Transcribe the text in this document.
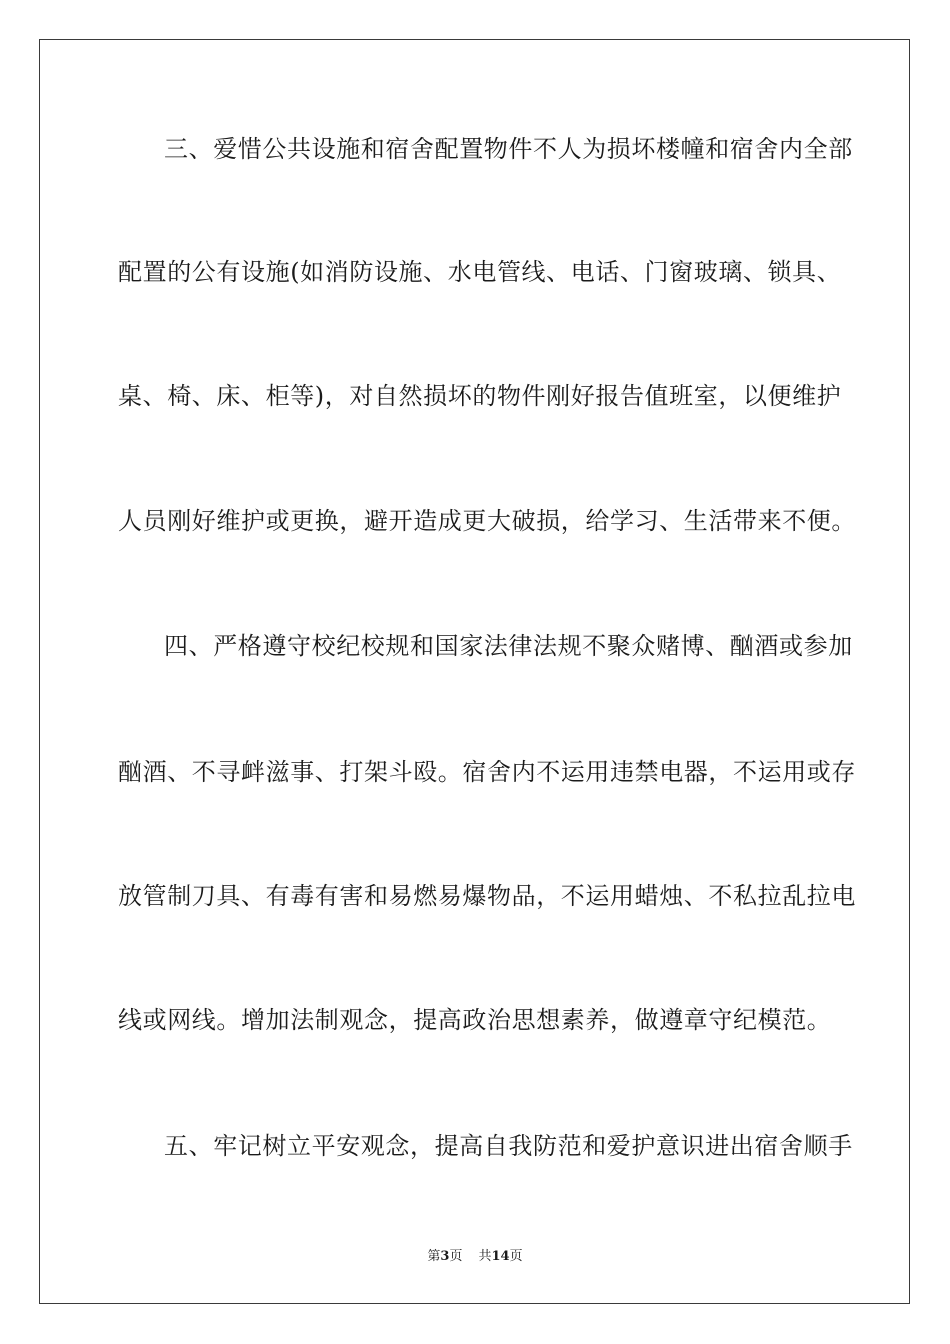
三、爱惜公共设施和宿舍配置物件不人为损坏楼幢和宿舍内全部
配置的公有设施(如消防设施、水电管线、电话、门窗玻璃、锁具、
桌、椅、床、柜等)，对自然损坏的物件刚好报告值班室，以便维护
人员刚好维护或更换，避开造成更大破损，给学习、生活带来不便。
四、严格遵守校纪校规和国家法律法规不聚众赌博、酗酒或参加
酗酒、不寻衅滋事、打架斗殴。宿舍内不运用违禁电器，不运用或存
放管制刀具、有毒有害和易燃易爆物品，不运用蜡烛、不私拉乱拉电
线或网线。增加法制观念，提高政治思想素养，做遵章守纪模范。
五、牢记树立平安观念，提高自我防范和爱护意识进出宿舍顺手
第3页 共14页
